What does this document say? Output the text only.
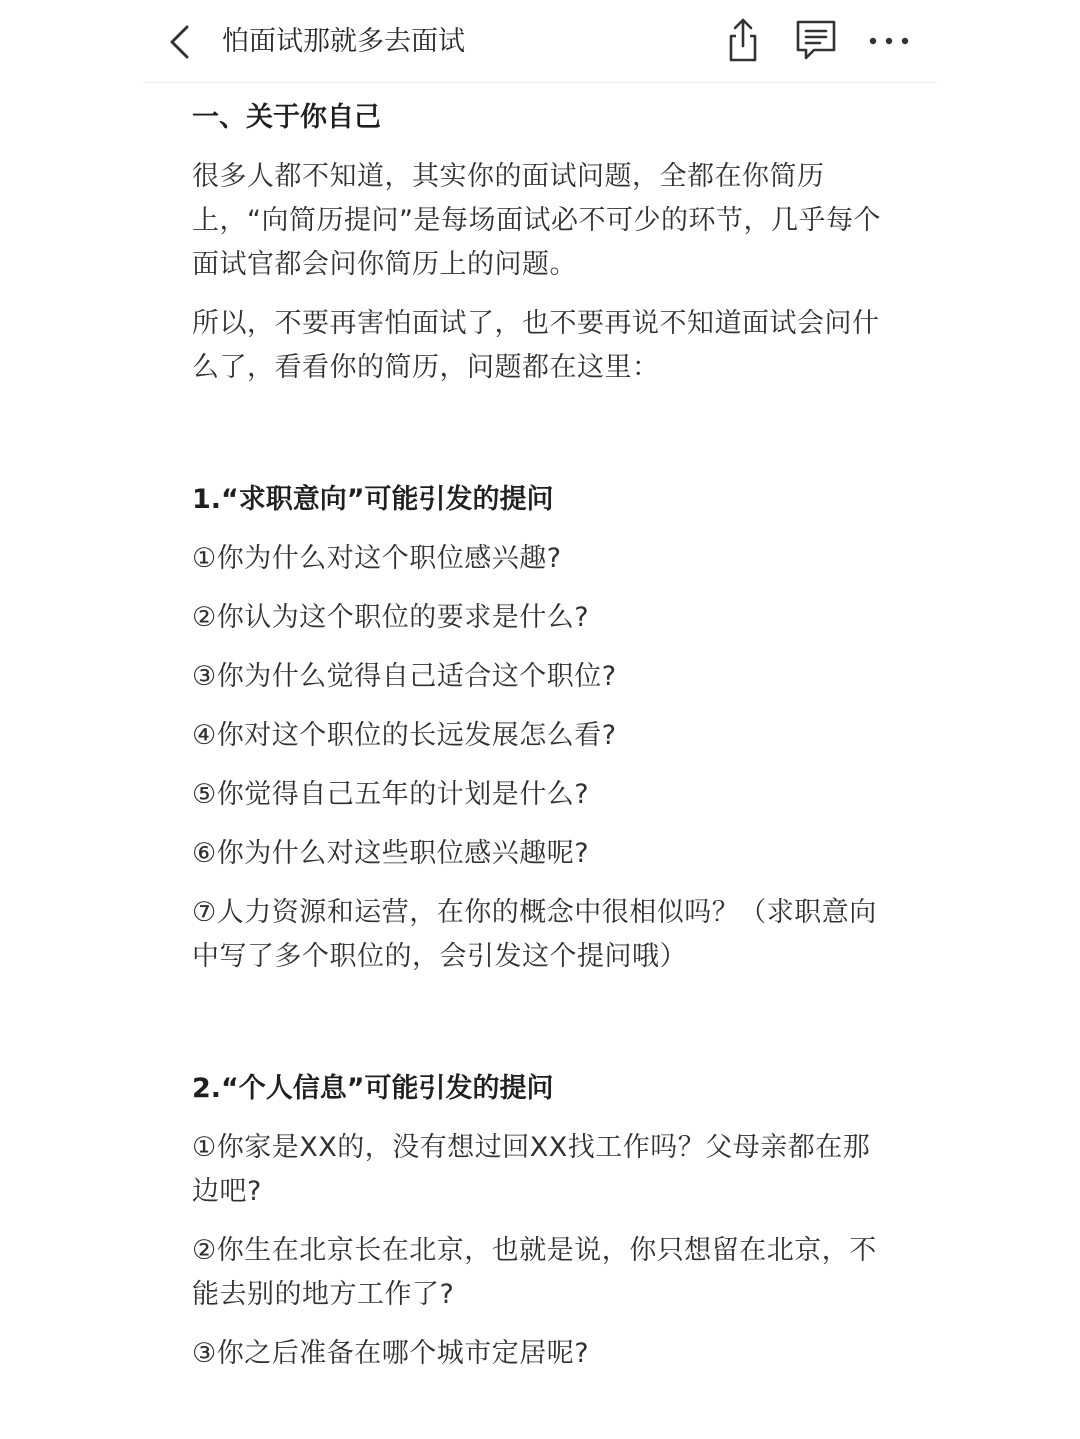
怕面试那就多去面试

一、关于你自己

很多人都不知道，其实你的面试问题，全都在你简历上，“向简历提问”是每场面试必不可少的环节，几乎每个面试官都会问你简历上的问题。

所以，不要再害怕面试了，也不要再说不知道面试会问什么了，看看你的简历，问题都在这里：

1.“求职意向”可能引发的提问

①你为什么对这个职位感兴趣?

②你认为这个职位的要求是什么?

③你为什么觉得自己适合这个职位?

④你对这个职位的长远发展怎么看?

⑤你觉得自己五年的计划是什么?

⑥你为什么对这些职位感兴趣呢?

⑦人力资源和运营，在你的概念中很相似吗？（求职意向中写了多个职位的，会引发这个提问哦）

2.“个人信息”可能引发的提问

①你家是XX的，没有想过回XX找工作吗？父母亲都在那边吧?

②你生在北京长在北京，也就是说，你只想留在北京，不能去别的地方工作了?

③你之后准备在哪个城市定居呢?
